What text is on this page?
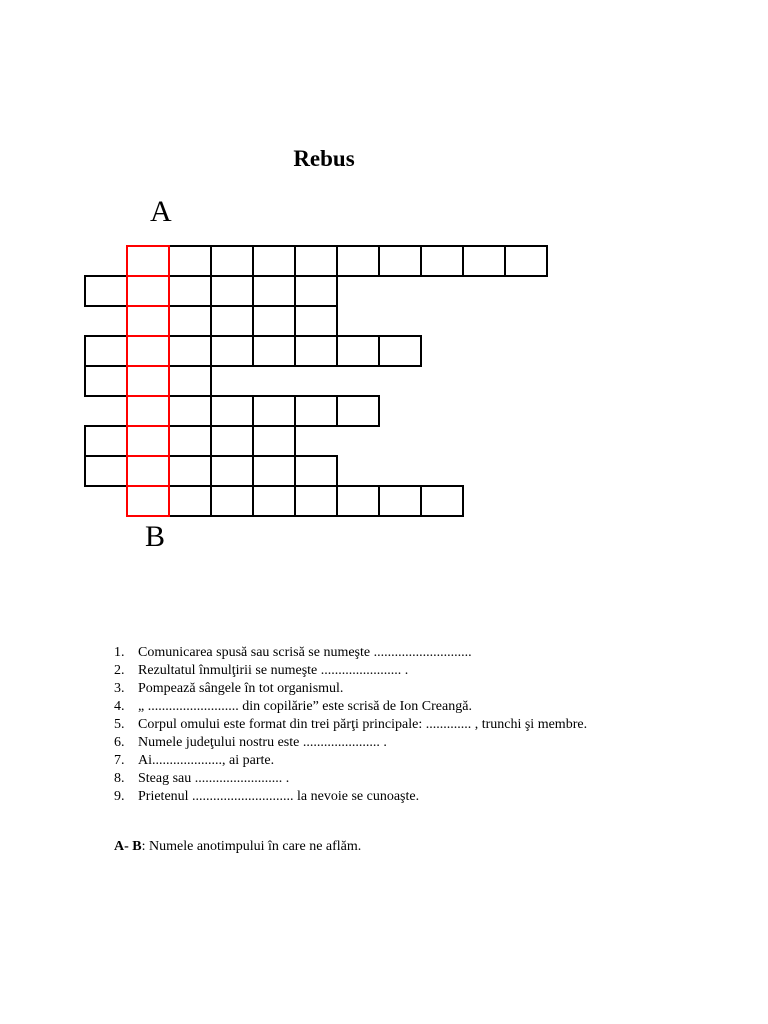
Rebus
A
B
1. Comunicarea spusă sau scrisă se numeşte ............................
2. Rezultatul înmulţirii se numeşte ....................... .
3. Pompează sângele în tot organismul.
4. „ .......................... din copilărie” este scrisă de Ion Creangă.
5. Corpul omului este format din trei părţi principale: ............. , trunchi şi membre.
6. Numele judeţului nostru este ...................... .
7. Ai...................., ai parte.
8. Steag sau ......................... .
9. Prietenul ............................. la nevoie se cunoaşte.
A- B: Numele anotimpului în care ne aflăm.
